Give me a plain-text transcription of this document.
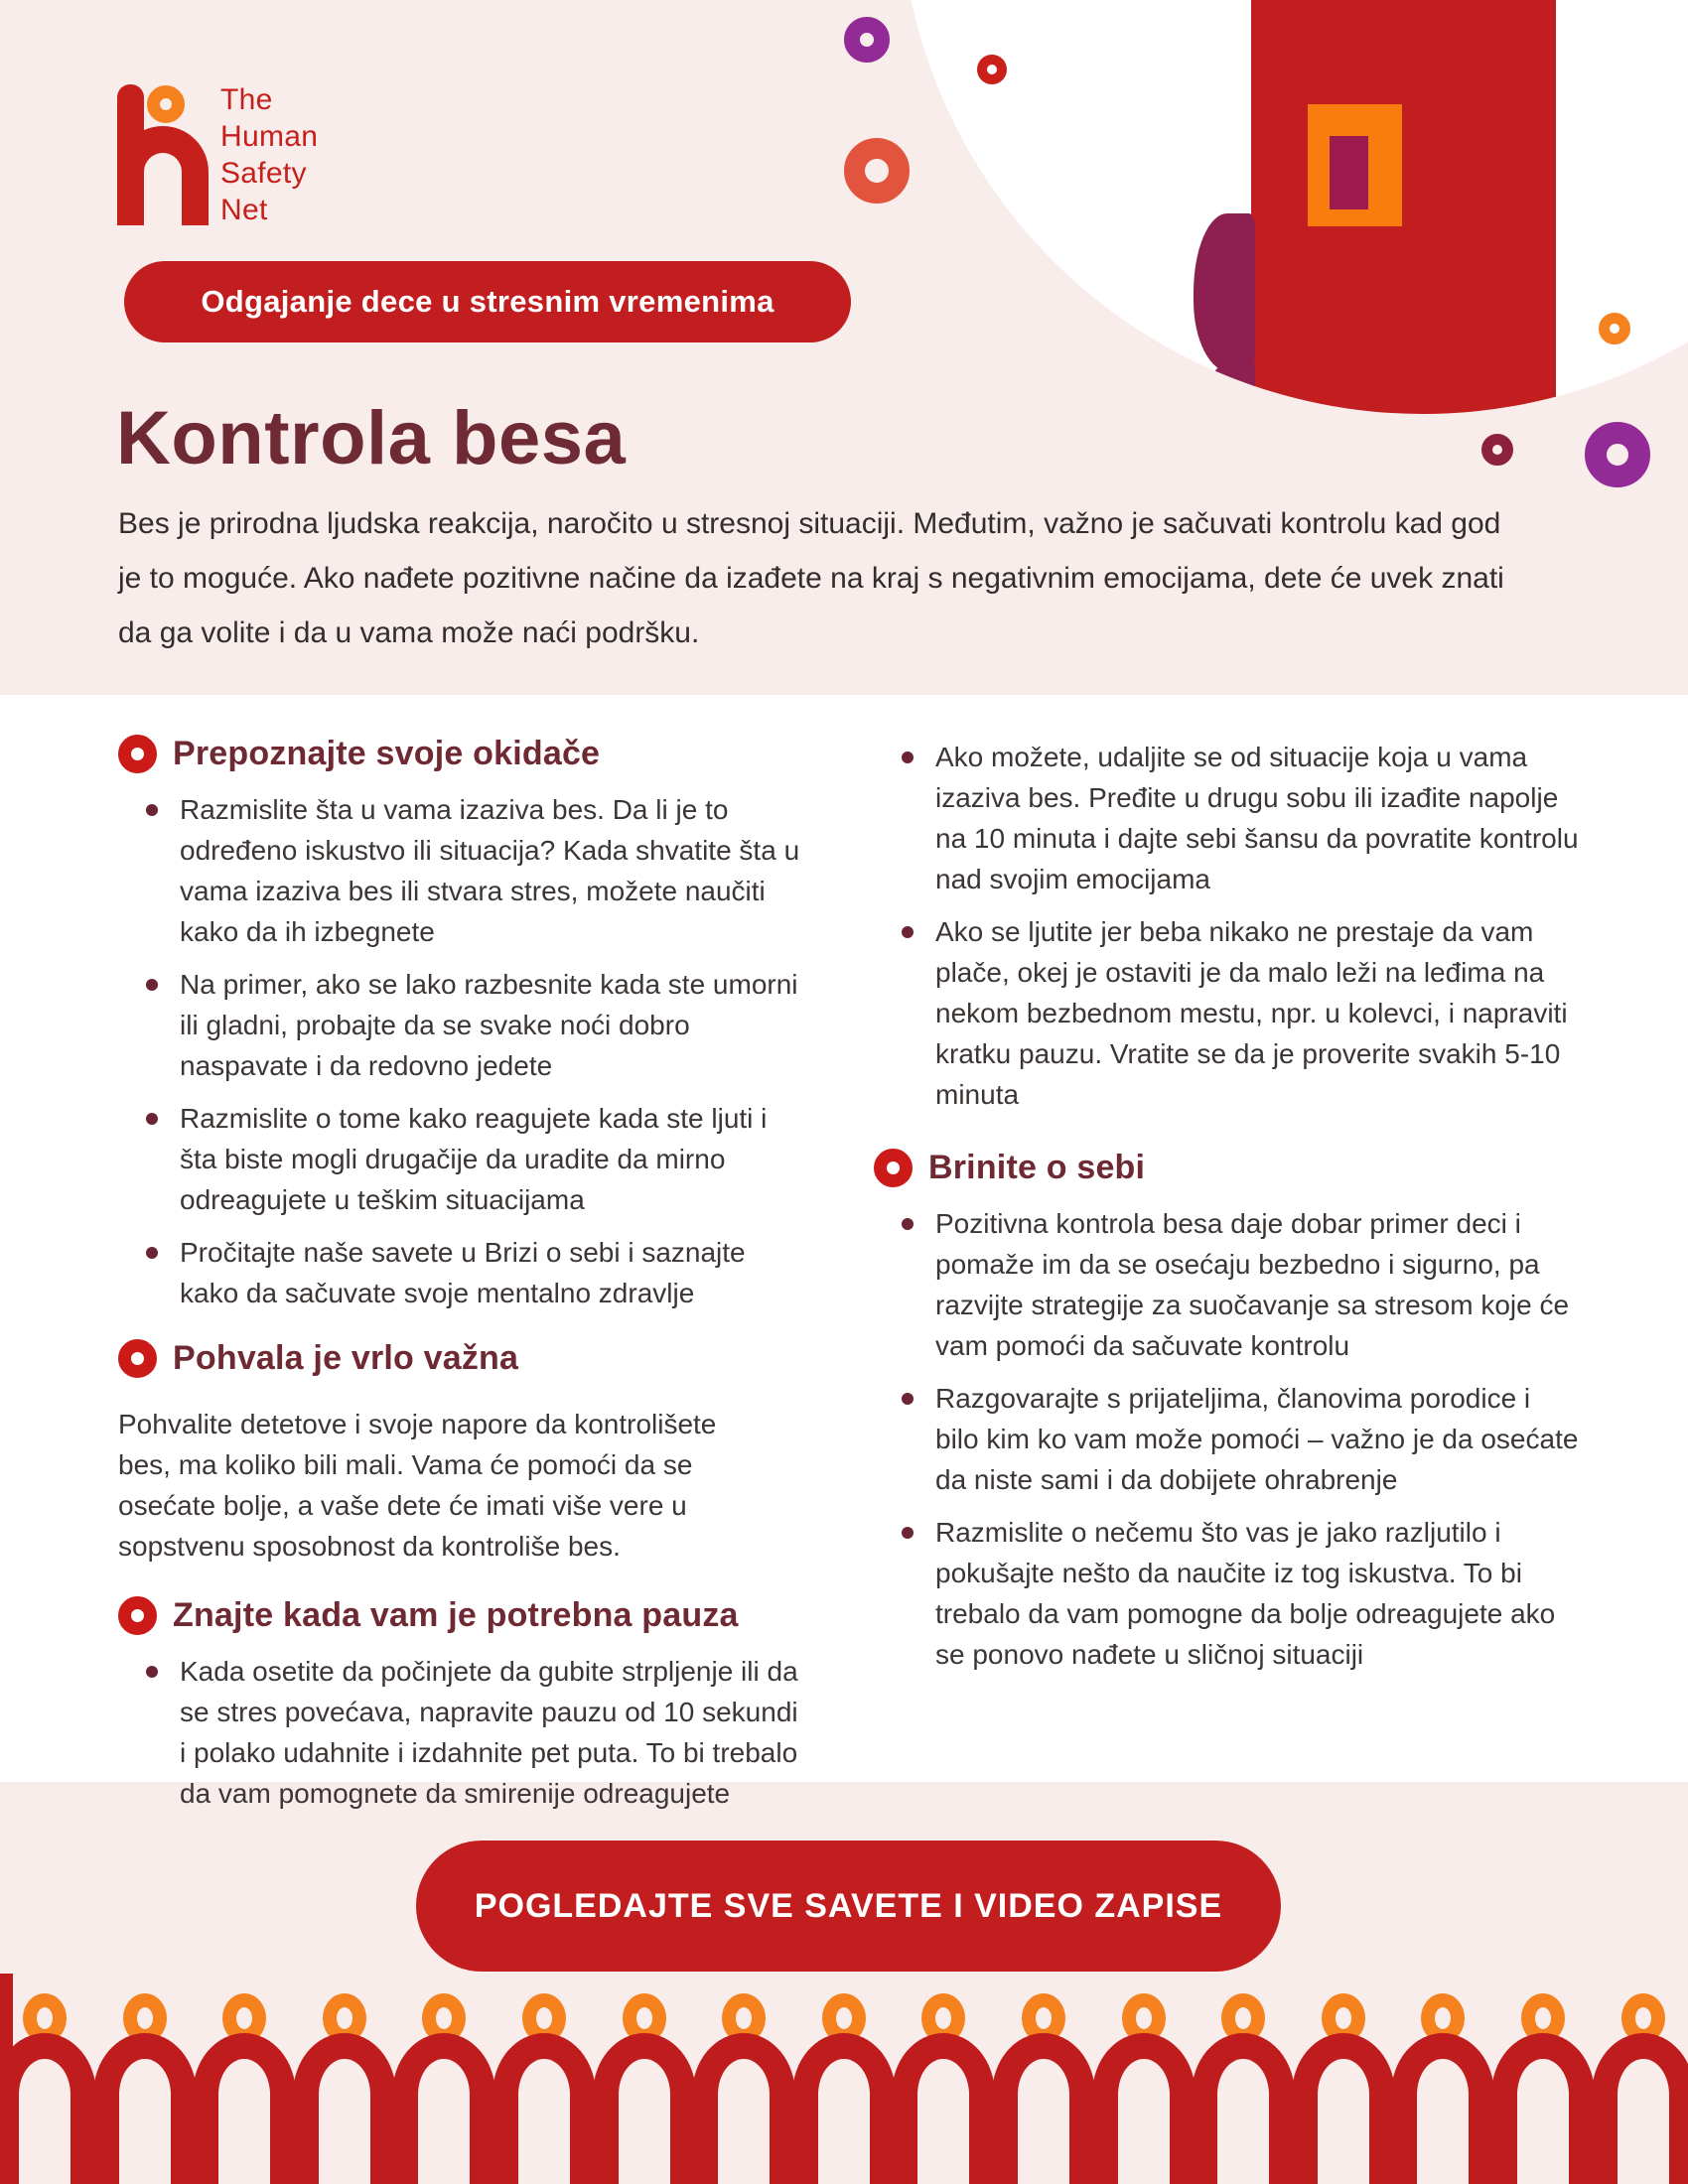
The
Human
Safety
Net
Odgajanje dece u stresnim vremenima
Kontrola besa
Bes je prirodna ljudska reakcija, naročito u stresnoj situaciji. Međutim, važno je sačuvati kontrolu kad god je to moguće. Ako nađete pozitivne načine da izađete na kraj s negativnim emocijama, dete će uvek znati da ga volite i da u vama može naći podršku.
Prepoznajte svoje okidače
Razmislite šta u vama izaziva bes. Da li je to određeno iskustvo ili situacija? Kada shvatite šta u vama izaziva bes ili stvara stres, možete naučiti kako da ih izbegnete
Na primer, ako se lako razbesnite kada ste umorni ili gladni, probajte da se svake noći dobro naspavate i da redovno jedete
Razmislite o tome kako reagujete kada ste ljuti i šta biste mogli drugačije da uradite da mirno odreagujete u teškim situacijama
Pročitajte naše savete u Brizi o sebi i saznajte kako da sačuvate svoje mentalno zdravlje
Pohvala je vrlo važna

Pohvalite detetove i svoje napore da kontrolišete bes, ma koliko bili mali. Vama će pomoći da se osećate bolje, a vaše dete će imati više vere u sopstvenu sposobnost da kontroliše bes.

Znajte kada vam je potrebna pauza
Kada osetite da počinjete da gubite strpljenje ili da se stres povećava, napravite pauzu od 10 sekundi i polako udahnite i izdahnite pet puta. To bi trebalo da vam pomognete da smirenije odreagujete
Ako možete, udaljite se od situacije koja u vama izaziva bes. Pređite u drugu sobu ili izađite napolje na 10 minuta i dajte sebi šansu da povratite kontrolu nad svojim emocijama
Ako se ljutite jer beba nikako ne prestaje da vam plače, okej je ostaviti je da malo leži na leđima na nekom bezbednom mestu, npr. u kolevci, i napraviti kratku pauzu. Vratite se da je proverite svakih 5-10 minuta
Brinite o sebi
Pozitivna kontrola besa daje dobar primer deci i pomaže im da se osećaju bezbedno i sigurno, pa razvijte strategije za suočavanje sa stresom koje će vam pomoći da sačuvate kontrolu
Razgovarajte s prijateljima, članovima porodice i bilo kim ko vam može pomoći – važno je da osećate da niste sami i da dobijete ohrabrenje
Razmislite o nečemu što vas je jako razljutilo i pokušajte nešto da naučite iz tog iskustva. To bi trebalo da vam pomogne da bolje odreagujete ako se ponovo nađete u sličnoj situaciji
POGLEDAJTE SVE SAVETE I VIDEO ZAPISE
